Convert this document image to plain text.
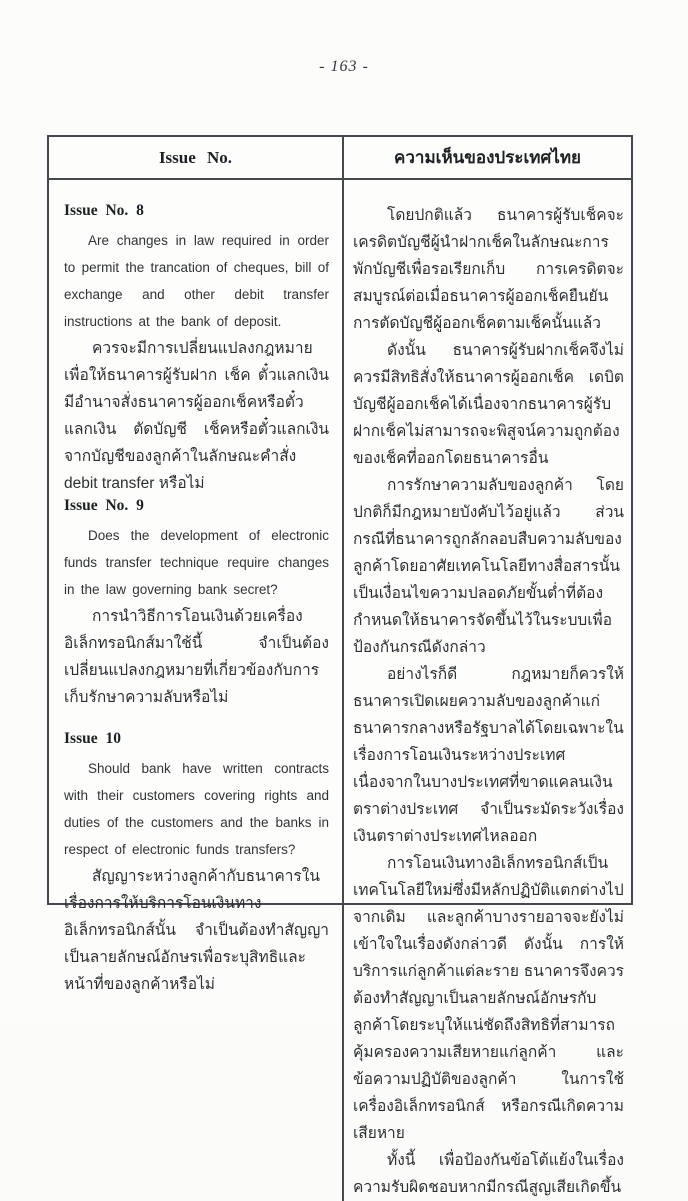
- 163 -
Issue No.	ความเห็นของประเทศไทย
Issue No. 8

Are changes in law required in order to permit the trancation of cheques, bill of exchange and other debit transfer instructions at the bank of deposit.

ควรจะมีการเปลี่ยนแปลงกฎหมายเพื่อให้ธนาคารผู้รับฝาก เช็ค ตั๋วแลกเงิน มีอำนาจสั่งธนาคารผู้ออกเช็คหรือตั๋วแลกเงิน ตัดบัญชี เช็คหรือตั๋วแลกเงิน จากบัญชีของลูกค้าในลักษณะคำสั่ง debit transfer หรือไม่

Issue No. 9

Does the development of electronic funds transfer technique require changes in the law governing bank secret?

การนำวิธีการโอนเงินด้วยเครื่องอิเล็กทรอนิกส์มาใช้นี้ จำเป็นต้องเปลี่ยนแปลงกฎหมายที่เกี่ยวข้องกับการเก็บรักษาความลับหรือไม่

Issue 10

Should bank have written contracts with their customers covering rights and duties of the customers and the banks in respect of electronic funds transfers?

สัญญาระหว่างลูกค้ากับธนาคารในเรื่องการให้บริการโอนเงินทางอิเล็กทรอนิกส์นั้น จำเป็นต้องทำสัญญาเป็นลายลักษณ์อักษรเพื่อระบุสิทธิและหน้าที่ของลูกค้าหรือไม่

โดยปกติแล้ว ธนาคารผู้รับเช็คจะเครดิตบัญชีผู้นำฝากเช็คในลักษณะการพักบัญชีเพื่อรอเรียกเก็บ การเครดิตจะสมบูรณ์ต่อเมื่อธนาคารผู้ออกเช็คยืนยันการตัดบัญชีผู้ออกเช็คตามเช็คนั้นแล้ว

ดังนั้น ธนาคารผู้รับฝากเช็คจึงไม่ควรมีสิทธิสั่งให้ธนาคารผู้ออกเช็ค เดบิตบัญชีผู้ออกเช็คได้เนื่องจากธนาคารผู้รับฝากเช็คไม่สามารถจะพิสูจน์ความถูกต้องของเช็คที่ออกโดยธนาคารอื่น

การรักษาความลับของลูกค้า โดยปกติก็มีกฎหมายบังคับไว้อยู่แล้ว ส่วนกรณีที่ธนาคารถูกลักลอบสืบความลับของลูกค้าโดยอาศัยเทคโนโลยีทางสื่อสารนั้น เป็นเงื่อนไขความปลอดภัยขั้นต่ำที่ต้องกำหนดให้ธนาคารจัดขึ้นไว้ในระบบเพื่อป้องกันกรณีดังกล่าว

อย่างไรก็ดี กฎหมายก็ควรให้ธนาคารเปิดเผยความลับของลูกค้าแก่ธนาคารกลางหรือรัฐบาลได้โดยเฉพาะในเรื่องการโอนเงินระหว่างประเทศ เนื่องจากในบางประเทศที่ขาดแคลนเงินตราต่างประเทศ จำเป็นระมัดระวังเรื่องเงินตราต่างประเทศไหลออก

การโอนเงินทางอิเล็กทรอนิกส์เป็นเทคโนโลยีใหม่ซึ่งมีหลักปฏิบัติแตกต่างไปจากเดิม และลูกค้าบางรายอาจจะยังไม่เข้าใจในเรื่องดังกล่าวดี ดังนั้น การให้บริการแก่ลูกค้าแต่ละราย ธนาคารจึงควรต้องทำสัญญาเป็นลายลักษณ์อักษรกับลูกค้าโดยระบุให้แน่ชัดถึงสิทธิที่สามารถคุ้มครองความเสียหายแก่ลูกค้า และข้อความปฏิบัติของลูกค้า ในการใช้เครื่องอิเล็กทรอนิกส์ หรือกรณีเกิดความเสียหาย

ทั้งนี้ เพื่อป้องกันข้อโต้แย้งในเรื่องความรับผิดชอบหากมีกรณีสูญเสียเกิดขึ้น
